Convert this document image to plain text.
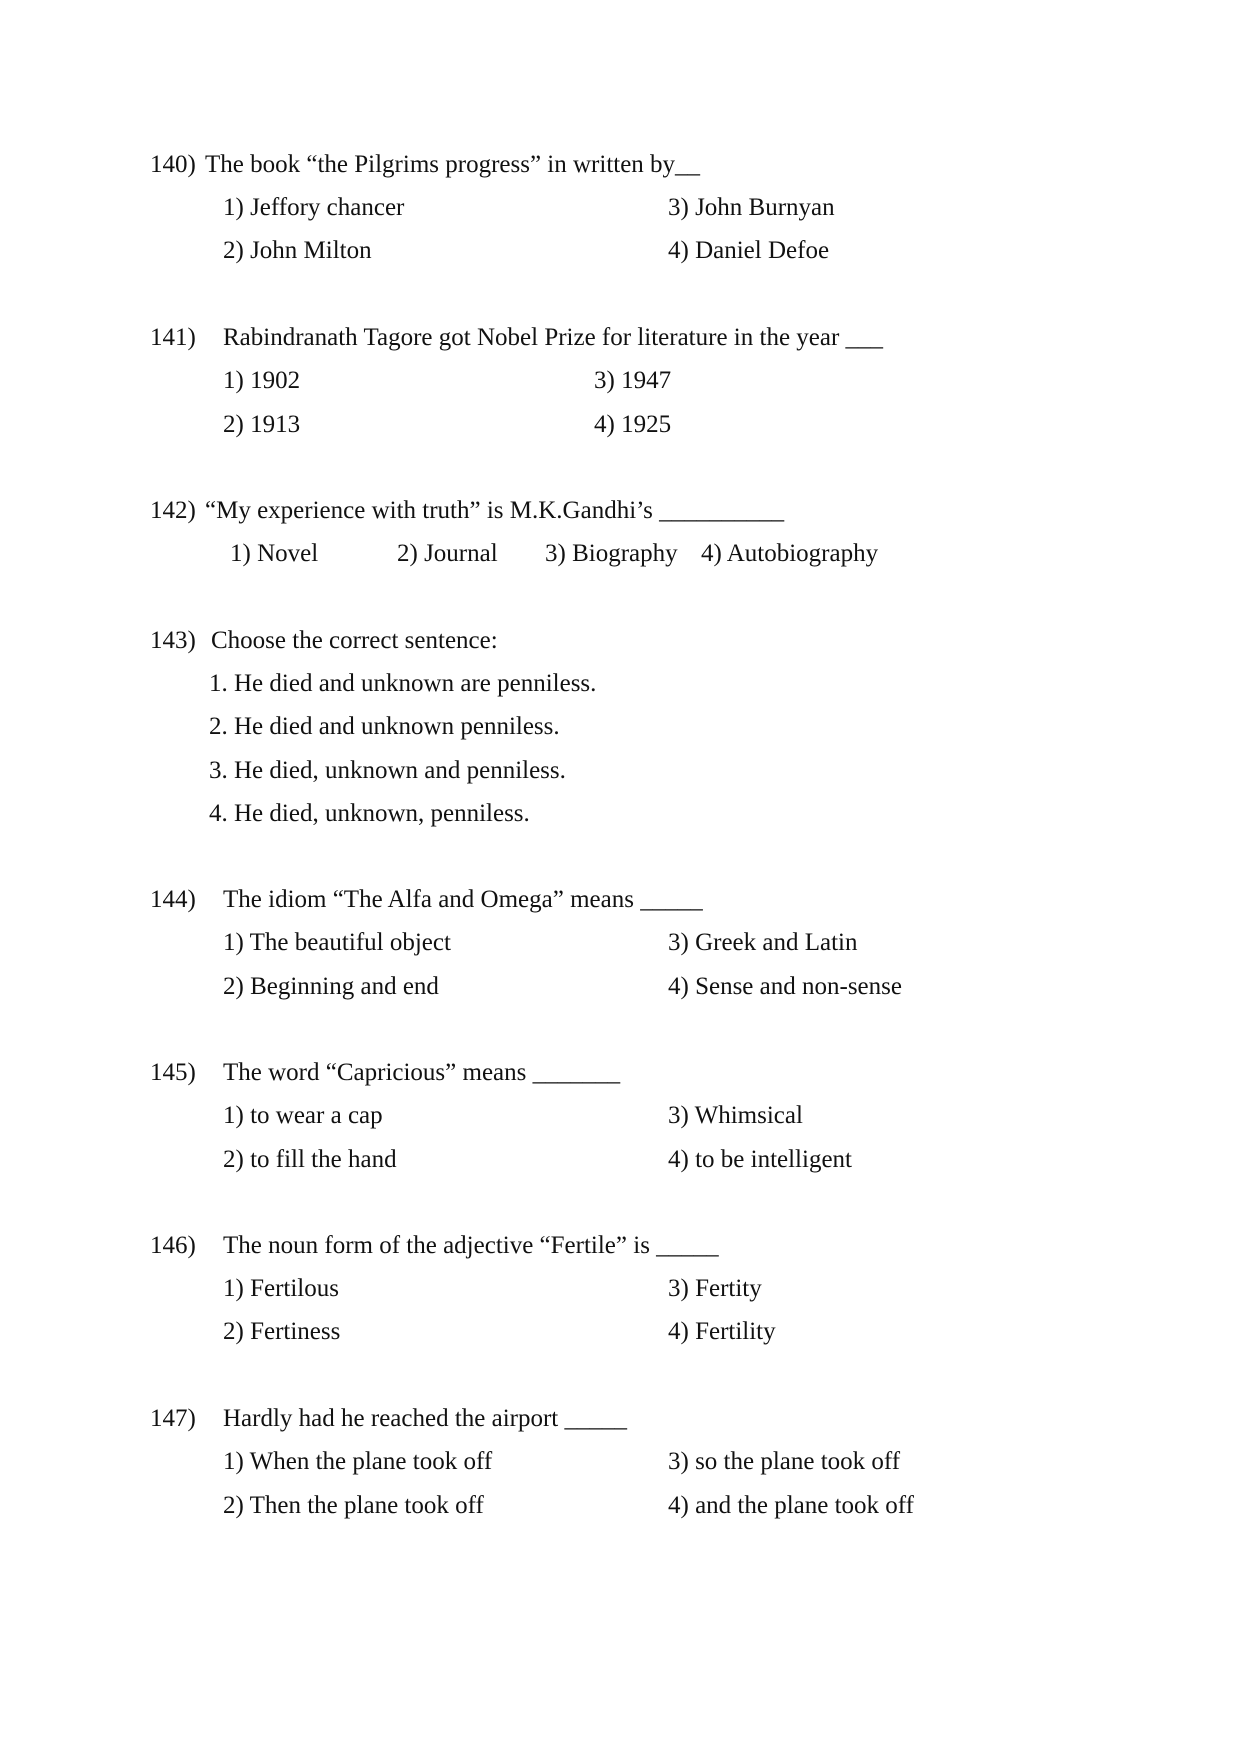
140) The book “the Pilgrims progress” in written by__
1) Jeffory chancer
2) John Milton
3) John Burnyan
4) Daniel Defoe
141) Rabindranath Tagore got Nobel Prize for literature in the year ___
1) 1902
2) 1913
3) 1947
4) 1925
142) “My experience with truth” is M.K.Gandhi’s __________
1) Novel	2) Journal 3) Biography 4) Autobiography
143) Choose the correct sentence:
1. He died and unknown are penniless.
2. He died and unknown penniless.
3. He died, unknown and penniless.
4. He died, unknown, penniless.
144) The idiom “The Alfa and Omega” means _____
1) The beautiful object
2) Beginning and end
3) Greek and Latin
4) Sense and non-sense
145) The word “Capricious” means _______
1) to wear a cap
2) to fill the hand
3) Whimsical
4) to be intelligent
146) The noun form of the adjective “Fertile” is _____
1) Fertilous
2) Fertiness
3) Fertity
4) Fertility
147) Hardly had he reached the airport _____
1) When the plane took off
2) Then the plane took off
3) so the plane took off
4) and the plane took off
